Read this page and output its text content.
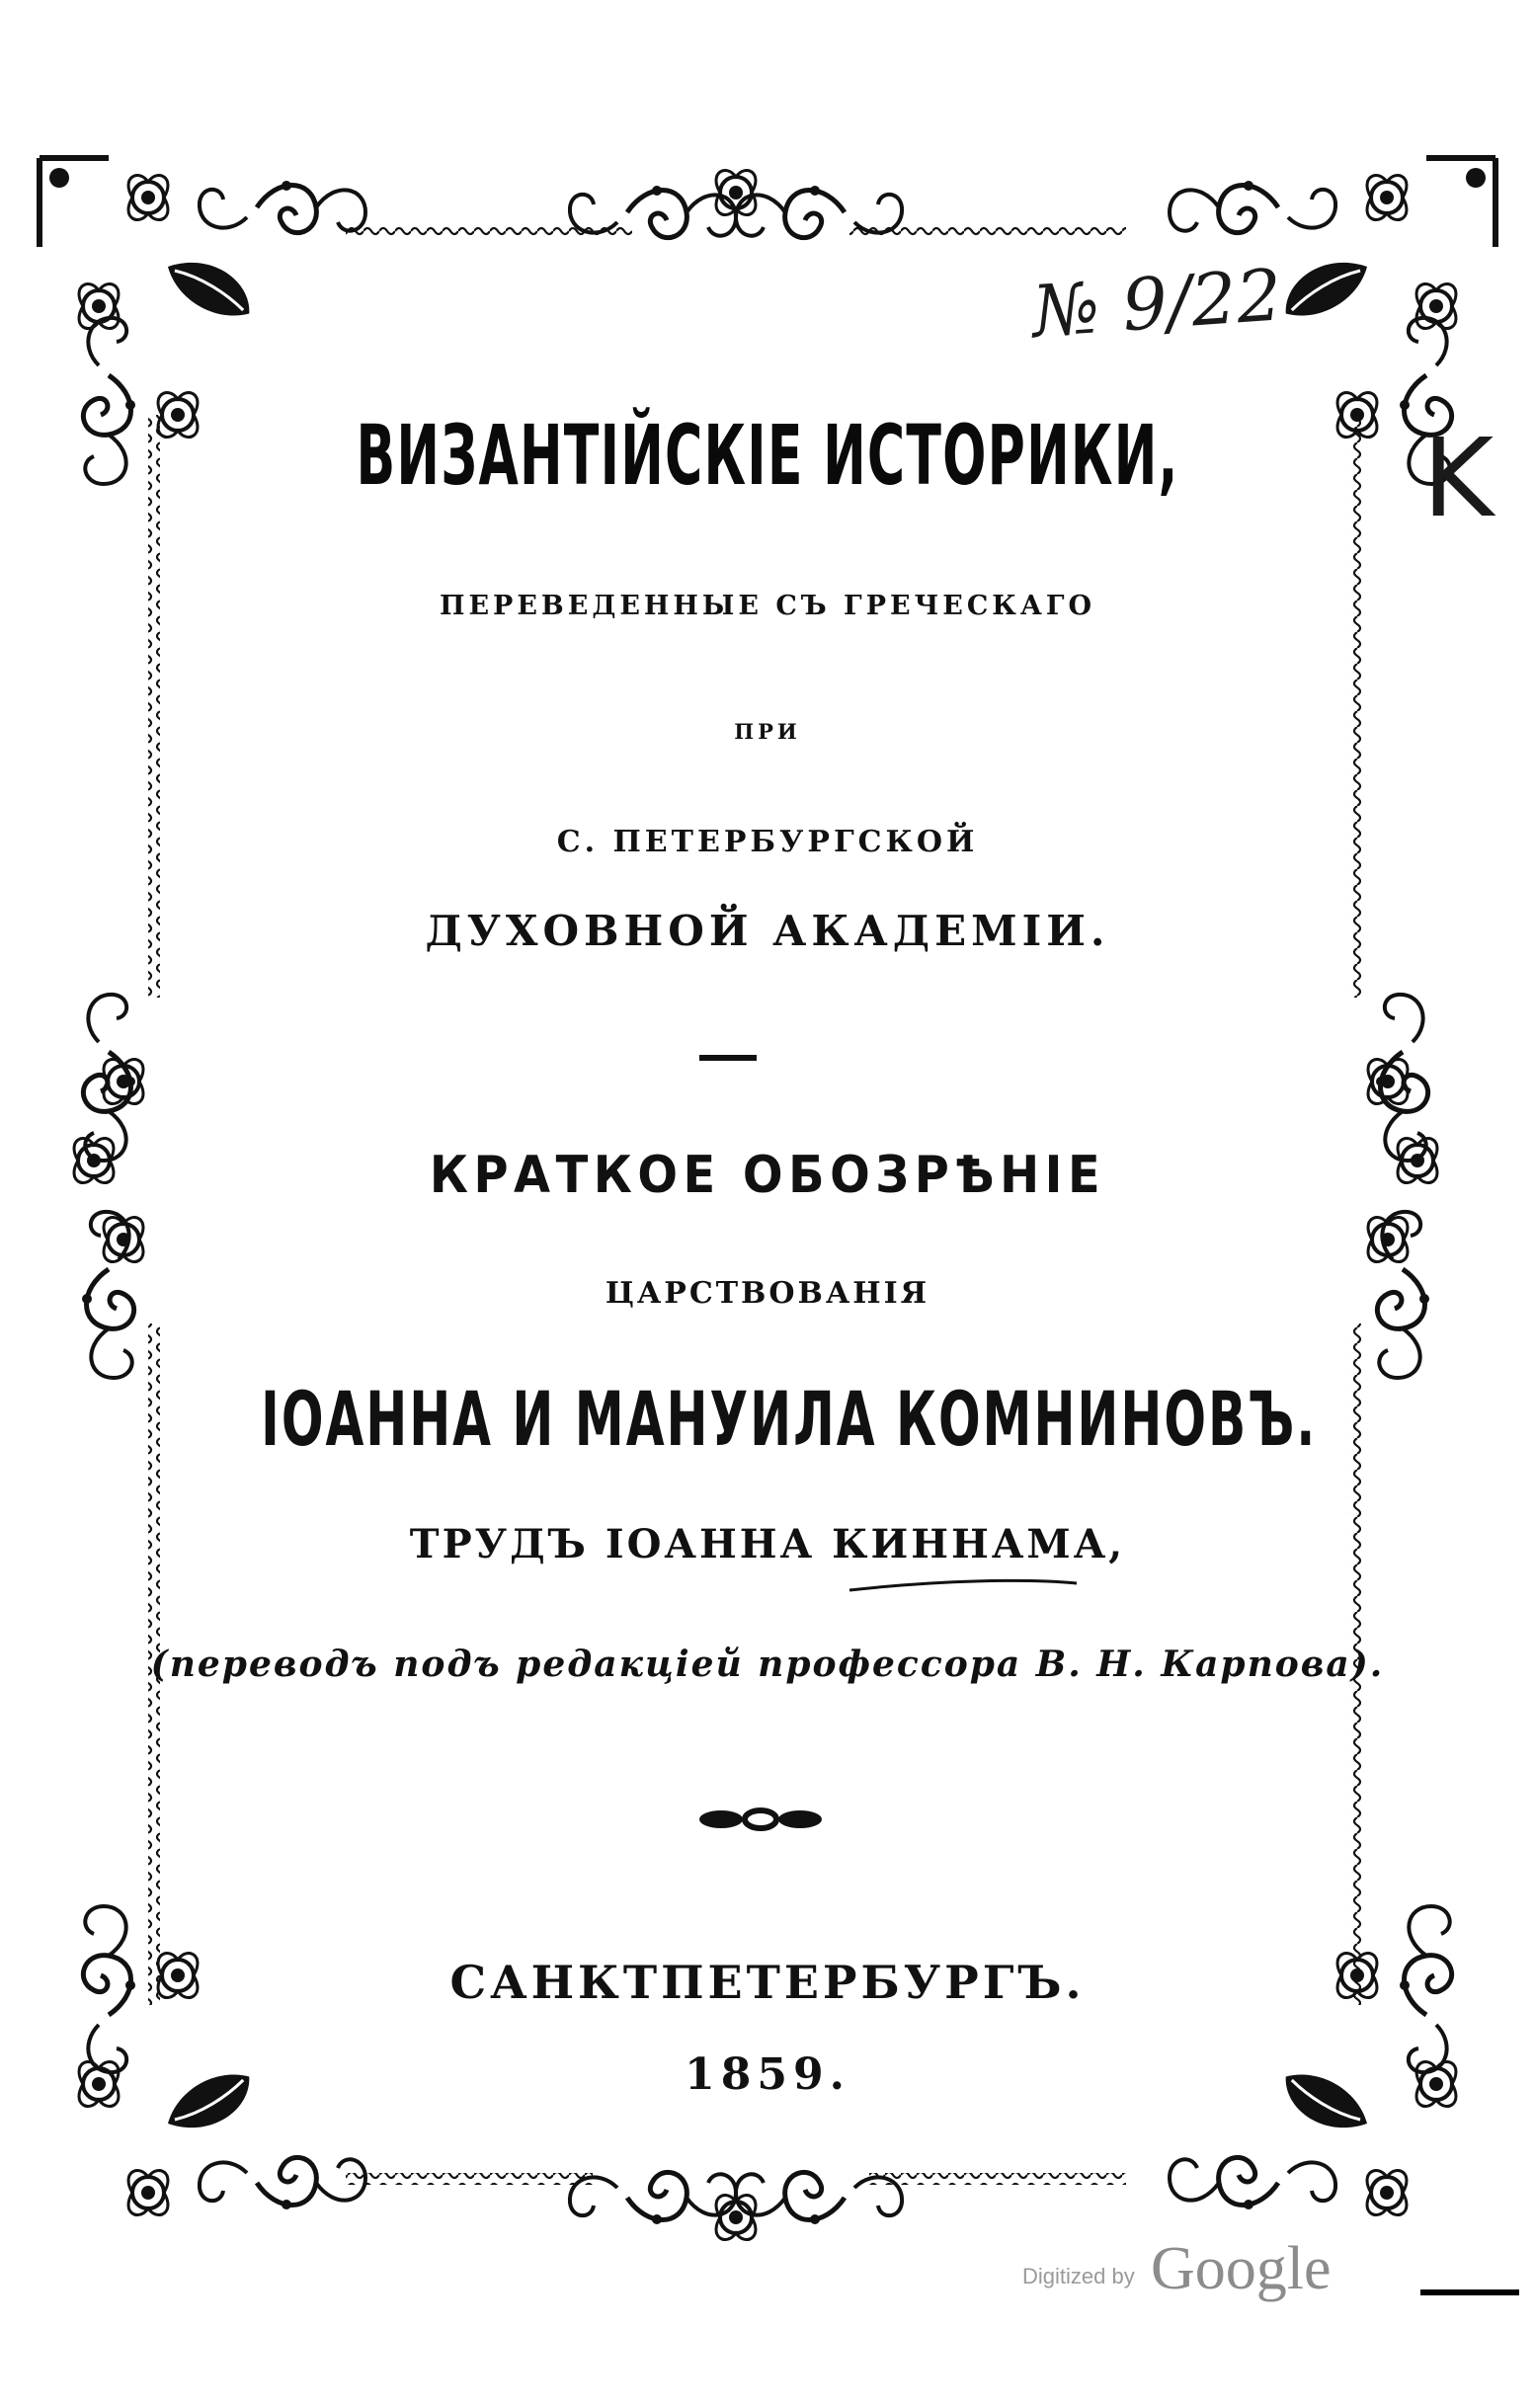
ВИЗАНТІЙСКІЕ ИСТОРИКИ,
ПЕРЕВЕДЕННЫЕ СЪ ГРЕЧЕСКАГО
ПРИ
С. ПЕТЕРБУРГСКОЙ
ДУХОВНОЙ АКАДЕМІИ.
КРАТКОЕ ОБОЗРѢНІЕ
ЦАРСТВОВАНІЯ
ІОАННА И МАНУИЛА КОМНИНОВЪ.
ТРУДЪ ІОАННА КИННАМА,
(переводъ подъ редакціей профессора В. Н. Карпова).
САНКТПЕТЕРБУРГЪ.
1859.
№ 9/22
K
Digitized by Google
